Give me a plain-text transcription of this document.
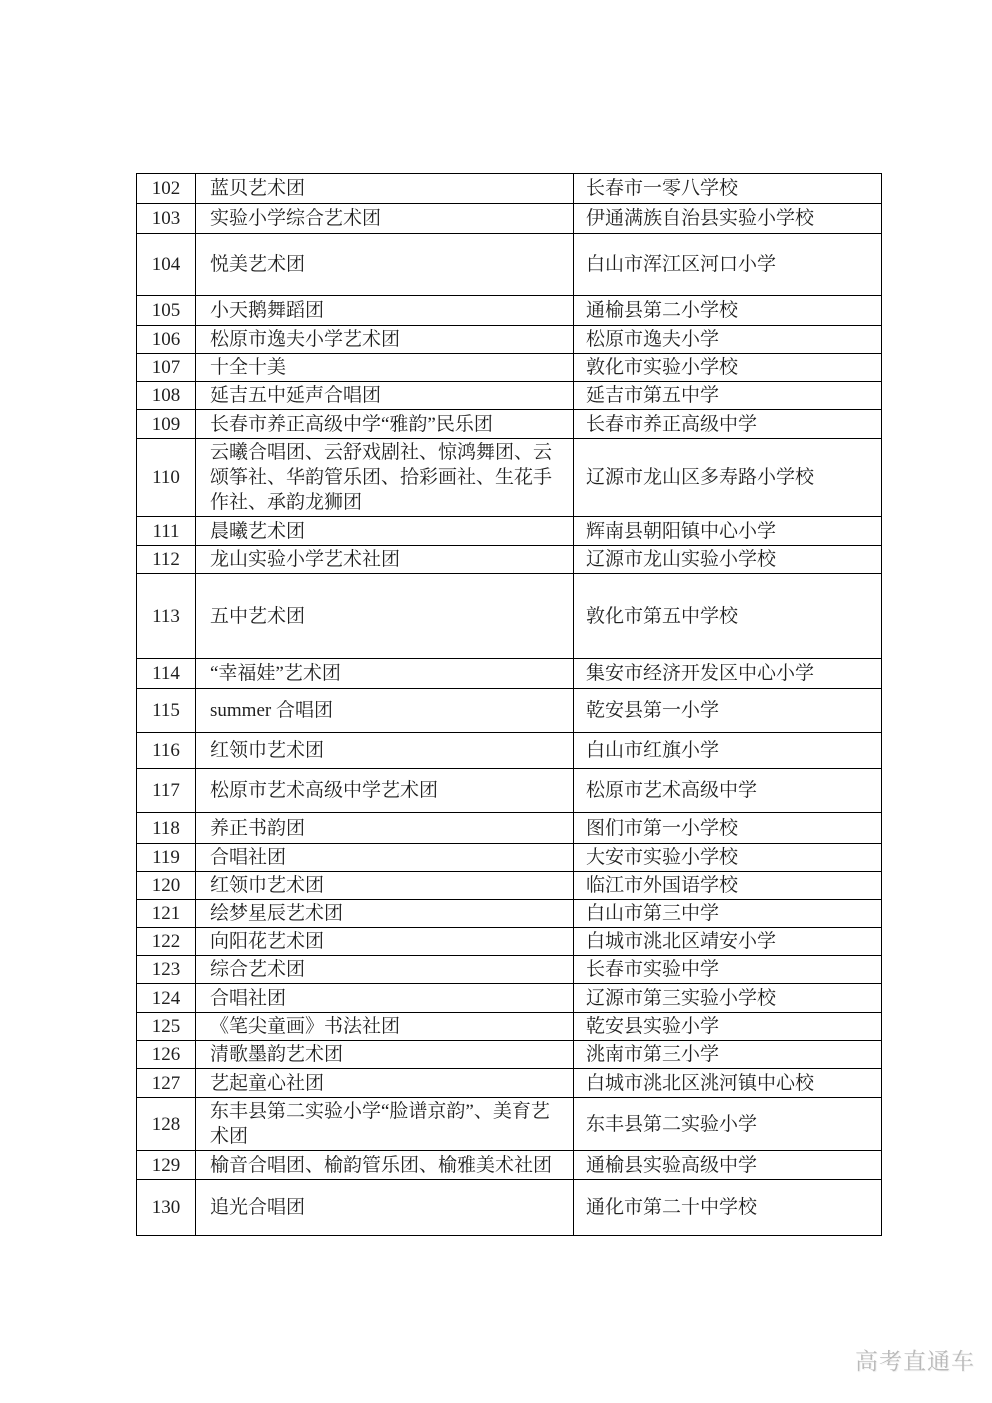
102	蓝贝艺术团	长春市一零八学校
103	实验小学综合艺术团	伊通满族自治县实验小学校
104	悦美艺术团	白山市浑江区河口小学
105	小天鹅舞蹈团	通榆县第二小学校
106	松原市逸夫小学艺术团	松原市逸夫小学
107	十全十美	敦化市实验小学校
108	延吉五中延声合唱团	延吉市第五中学
109	长春市养正高级中学“雅韵”民乐团	长春市养正高级中学
110	云曦合唱团、云舒戏剧社、惊鸿舞团、云颂筝社、华韵管乐团、拾彩画社、生花手作社、承韵龙狮团	辽源市龙山区多寿路小学校
111	晨曦艺术团	辉南县朝阳镇中心小学
112	龙山实验小学艺术社团	辽源市龙山实验小学校
113	五中艺术团	敦化市第五中学校
114	“幸福娃”艺术团	集安市经济开发区中心小学
115	summer 合唱团	乾安县第一小学
116	红领巾艺术团	白山市红旗小学
117	松原市艺术高级中学艺术团	松原市艺术高级中学
118	养正书韵团	图们市第一小学校
119	合唱社团	大安市实验小学校
120	红领巾艺术团	临江市外国语学校
121	绘梦星辰艺术团	白山市第三中学
122	向阳花艺术团	白城市洮北区靖安小学
123	综合艺术团	长春市实验中学
124	合唱社团	辽源市第三实验小学校
125	《笔尖童画》书法社团	乾安县实验小学
126	清歌墨韵艺术团	洮南市第三小学
127	艺起童心社团	白城市洮北区洮河镇中心校
128	东丰县第二实验小学“脸谱京韵”、美育艺术团	东丰县第二实验小学
129	榆音合唱团、榆韵管乐团、榆雅美术社团	通榆县实验高级中学
130	追光合唱团	通化市第二十中学校
高考直通车
